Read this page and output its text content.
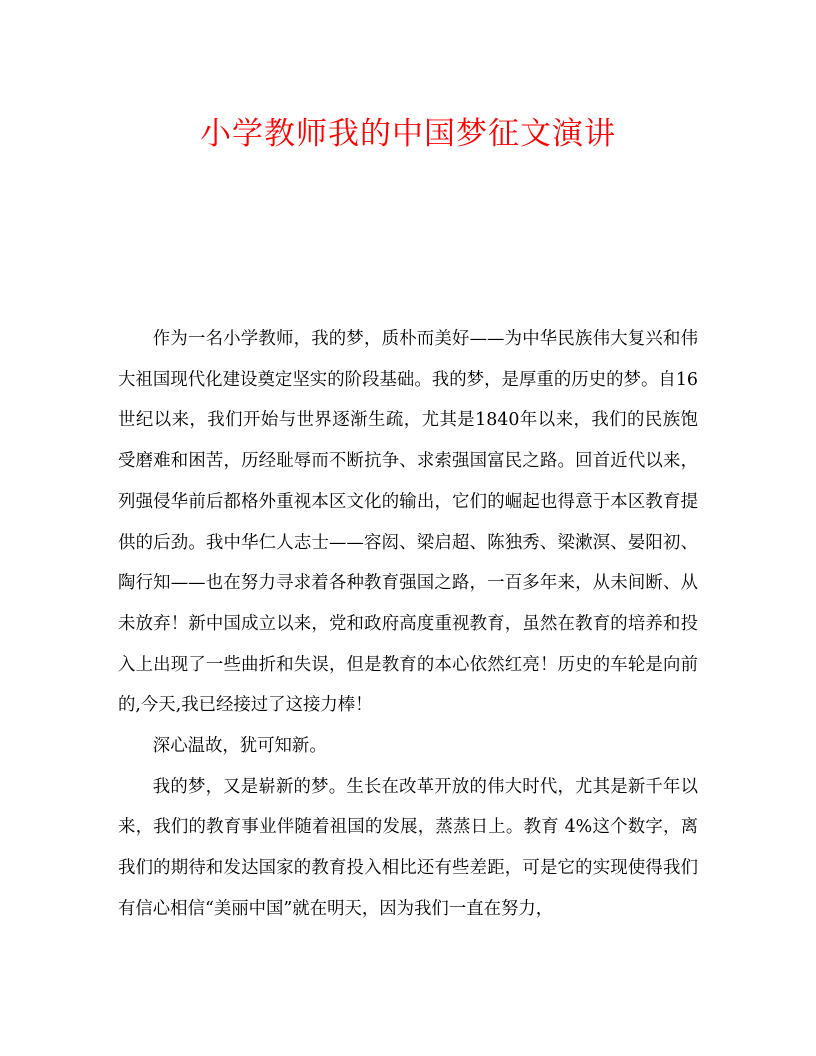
小学教师我的中国梦征文演讲

作为一名小学教师，我的梦，质朴而美好——为中华民族伟大复兴和伟大祖国现代化建设奠定坚实的阶段基础。我的梦，是厚重的历史的梦。自16世纪以来，我们开始与世界逐渐生疏，尤其是1840年以来，我们的民族饱受磨难和困苦，历经耻辱而不断抗争、求索强国富民之路。回首近代以来，列强侵华前后都格外重视本区文化的输出，它们的崛起也得意于本区教育提供的后劲。我中华仁人志士——容闳、梁启超、陈独秀、梁漱溟、晏阳初、陶行知——也在努力寻求着各种教育强国之路，一百多年来，从未间断、从未放弃！新中国成立以来，党和政府高度重视教育，虽然在教育的培养和投入上出现了一些曲折和失误，但是教育的本心依然红亮！历史的车轮是向前的,今天,我已经接过了这接力棒！

深心温故，犹可知新。

我的梦，又是崭新的梦。生长在改革开放的伟大时代，尤其是新千年以来，我们的教育事业伴随着祖国的发展，蒸蒸日上。教育 4%这个数字，离我们的期待和发达国家的教育投入相比还有些差距，可是它的实现使得我们有信心相信“美丽中国”就在明天，因为我们一直在努力，
